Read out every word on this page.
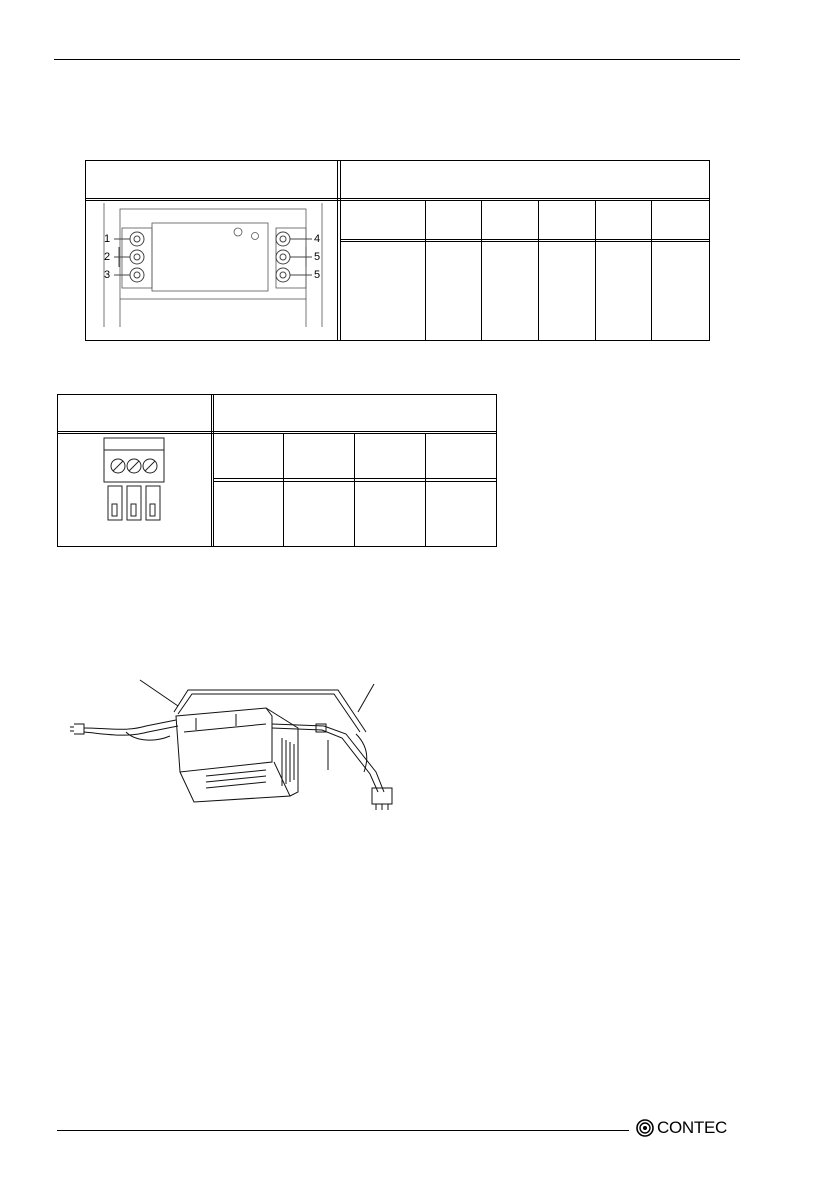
1
2
3
4
5
5
CONTEC
